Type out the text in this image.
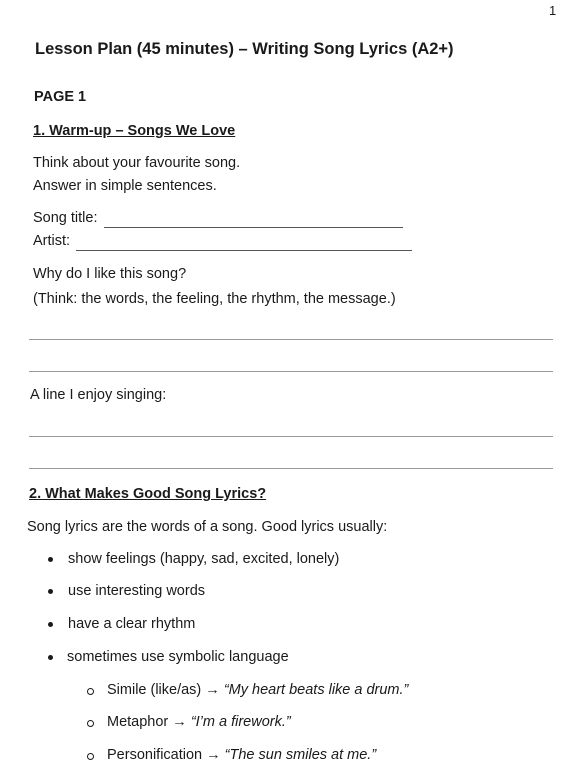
1
Lesson Plan (45 minutes) – Writing Song Lyrics (A2+)
PAGE 1
1. Warm-up – Songs We Love
Think about your favourite song.
Answer in simple sentences.
Song title:
Artist:
Why do I like this song?
(Think: the words, the feeling, the rhythm, the message.)
A line I enjoy singing:
2. What Makes Good Song Lyrics?
Song lyrics are the words of a song. Good lyrics usually:
show feelings (happy, sad, excited, lonely)
use interesting words
have a clear rhythm
sometimes use symbolic language
Simile (like/as) → “My heart beats like a drum.”
Metaphor → “I’m a firework.”
Personification → “The sun smiles at me.”
